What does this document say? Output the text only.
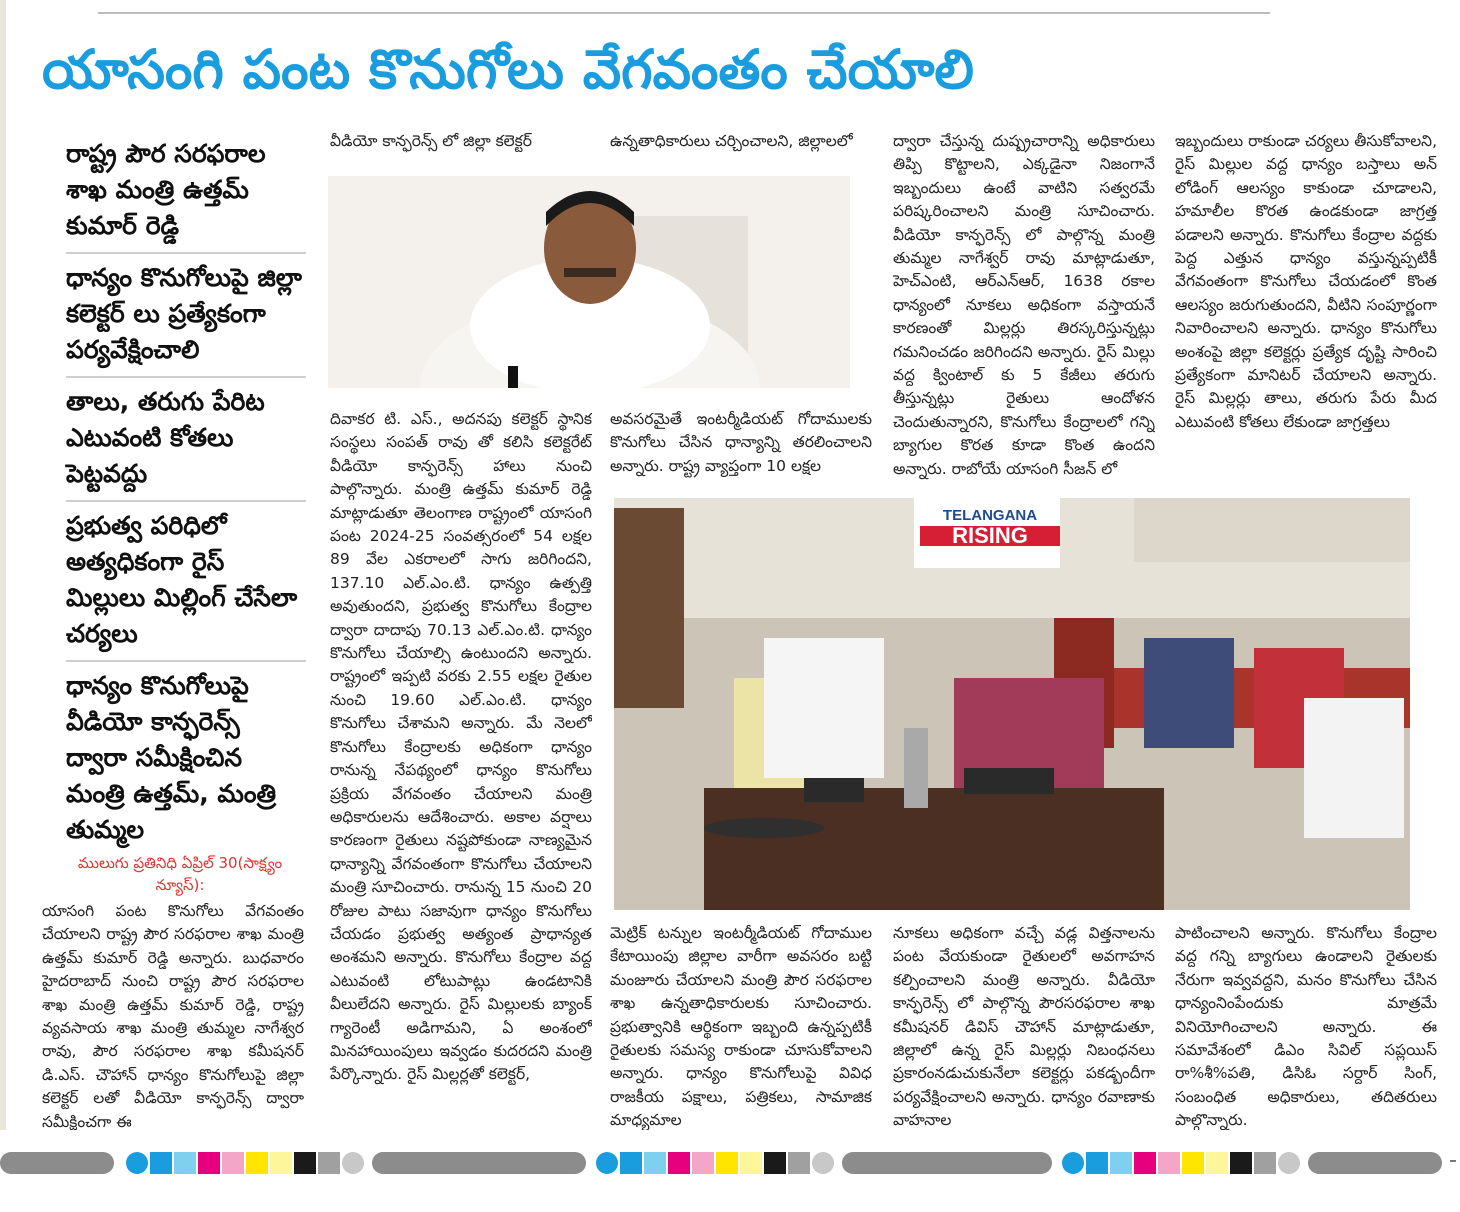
యాసంగి పంట కొనుగోలు వేగవంతం చేయాలి

రాష్ట్ర పౌర సరఫరాల శాఖ మంత్రి ఉత్తమ్ కుమార్ రెడ్డి

ధాన్యం కొనుగోలుపై జిల్లా కలెక్టర్ లు ప్రత్యేకంగా పర్యవేక్షించాలి

తాలు, తరుగు పేరిట ఎటువంటి కోతలు పెట్టవద్దు

ప్రభుత్వ పరిధిలో అత్యధికంగా రైస్ మిల్లులు మిల్లింగ్ చేసేలా చర్యలు

ధాన్యం కొనుగోలుపై వీడియో కాన్ఫరెన్స్ ద్వారా సమీక్షించిన మంత్రి ఉత్తమ్, మంత్రి తుమ్మల

ములుగు ప్రతినిధి ఏప్రిల్ 30(సాక్ష్యం న్యూస్):

యాసంగి పంట కొనుగోలు వేగవంతం చేయాలని రాష్ట్ర పౌర సరఫరాల శాఖ మంత్రి ఉత్తమ్ కుమార్ రెడ్డి అన్నారు. బుధవారం హైదరాబాద్ నుంచి రాష్ట్ర పౌర సరఫరాల శాఖ మంత్రి ఉత్తమ్ కుమార్ రెడ్డి, రాష్ట్ర వ్యవసాయ శాఖ మంత్రి తుమ్మల నాగేశ్వర రావు, పౌర సరఫరాల శాఖ కమీషనర్ డి.ఎస్. చౌహాన్ ధాన్యం కొనుగోలుపై జిల్లా కలెక్టర్ లతో వీడియో కాన్ఫరెన్స్ ద్వారా సమీక్షించగా ఈ

వీడియో కాన్ఫరెన్స్ లో జిల్లా కలెక్టర్

దివాకర టి. ఎస్., అదనపు కలెక్టర్ స్థానిక సంస్థలు సంపత్ రావు తో కలిసి కలెక్టరేట్ వీడియో కాన్ఫరెన్స్ హాలు నుంచి పాల్గొన్నారు. మంత్రి ఉత్తమ్ కుమార్ రెడ్డి మాట్లాడుతూ తెలంగాణ రాష్ట్రంలో యాసంగి పంట 2024-25 సంవత్సరంలో 54 లక్షల 89 వేల ఎకరాలలో సాగు జరిగిందని, 137.10 ఎల్.ఎం.టి. ధాన్యం ఉత్పత్తి అవుతుందని, ప్రభుత్వ కొనుగోలు కేంద్రాల ద్వారా దాదాపు 70.13 ఎల్.ఎం.టి. ధాన్యం కొనుగోలు చేయాల్సి ఉంటుందని అన్నారు. రాష్ట్రంలో ఇప్పటి వరకు 2.55 లక్షల రైతుల నుంచి 19.60 ఎల్.ఎం.టి. ధాన్యం కొనుగోలు చేశామని అన్నారు. మే నెలలో కొనుగోలు కేంద్రాలకు అధికంగా ధాన్యం రానున్న నేపథ్యంలో ధాన్యం కొనుగోలు ప్రక్రియ వేగవంతం చేయాలని మంత్రి అధికారులను ఆదేశించారు. అకాల వర్షాలు కారణంగా రైతులు నష్టపోకుండా నాణ్యమైన ధాన్యాన్ని వేగవంతంగా కొనుగోలు చేయాలని మంత్రి సూచించారు. రానున్న 15 నుంచి 20 రోజుల పాటు సజావుగా ధాన్యం కొనుగోలు చేయడం ప్రభుత్వ అత్యంత ప్రాధాన్యత అంశమని అన్నారు. కొనుగోలు కేంద్రాల వద్ద ఎటువంటి లోటుపాట్లు ఉండటానికి వీలులేదని అన్నారు. రైస్ మిల్లులకు బ్యాంక్ గ్యారెంటీ అడిగామని, ఏ అంశంలో మినహాయింపులు ఇవ్వడం కుదరదని మంత్రి పేర్కొన్నారు. రైస్ మిల్లర్లతో కలెక్టర్,

ఉన్నతాధికారులు చర్చించాలని, జిల్లాలలో

అవసరమైతే ఇంటర్మీడియట్ గోదాములకు కొనుగోలు చేసిన ధాన్యాన్ని తరలించాలని అన్నారు. రాష్ట్ర వ్యాప్తంగా 10 లక్షల

మెట్రిక్ టన్నుల ఇంటర్మీడియట్ గోదాముల కేటాయింపు జిల్లాల వారీగా అవసరం బట్టి మంజూరు చేయాలని మంత్రి పౌర సరఫరాల శాఖ ఉన్నతాధికారులకు సూచించారు. ప్రభుత్వానికి ఆర్థికంగా ఇబ్బంది ఉన్నప్పటికీ రైతులకు సమస్య రాకుండా చూసుకోవాలని అన్నారు. ధాన్యం కొనుగోలుపై వివిధ రాజకీయ పక్షాలు, పత్రికలు, సామాజిక మాధ్యమాల

ద్వారా చేస్తున్న దుష్ప్రచారాన్ని అధికారులు తిప్పి కొట్టాలని, ఎక్కడైనా నిజంగానే ఇబ్బందులు ఉంటే వాటిని సత్వరమే పరిష్కరించాలని మంత్రి సూచించారు. వీడియో కాన్ఫరెన్స్ లో పాల్గొన్న మంత్రి తుమ్మల నాగేశ్వర్ రావు మాట్లాడుతూ, హెచ్ఎంటి, ఆర్ఎన్ఆర్, 1638 రకాల ధాన్యంలో నూకలు అధికంగా వస్తాయనే కారణంతో మిల్లర్లు తిరస్కరిస్తున్నట్లు గమనించడం జరిగిందని అన్నారు. రైస్ మిల్లు వద్ద క్వింటాల్ కు 5 కేజీలు తరుగు తీస్తున్నట్లు రైతులు ఆందోళన చెందుతున్నారని, కొనుగోలు కేంద్రాలలో గన్ని బ్యాగుల కొరత కూడా కొంత ఉందని అన్నారు. రాబోయే యాసంగి సీజన్ లో

నూకలు అధికంగా వచ్చే వడ్ల విత్తనాలను పంట వేయకుండా రైతులలో అవగాహన కల్పించాలని మంత్రి అన్నారు. వీడియో కాన్ఫరెన్స్ లో పాల్గొన్న పౌరసరఫరాల శాఖ కమీషనర్ డివిస్ చౌహాన్ మాట్లాడుతూ, జిల్లాలో ఉన్న రైస్ మిల్లర్లు నిబంధనలు ప్రకారంనడుచుకునేలా కలెక్టర్లు పకడ్బందీగా పర్యవేక్షించాలని అన్నారు. ధాన్యం రవాణాకు వాహనాల

ఇబ్బందులు రాకుండా చర్యలు తీసుకోవాలని, రైస్ మిల్లుల వద్ద ధాన్యం బస్తాలు అన్ లోడింగ్ ఆలస్యం కాకుండా చూడాలని, హమాలీల కొరత ఉండకుండా జాగ్రత్త పడాలని అన్నారు. కొనుగోలు కేంద్రాల వద్దకు పెద్ద ఎత్తున ధాన్యం వస్తున్నప్పటికీ వేగవంతంగా కొనుగోలు చేయడంలో కొంత ఆలస్యం జరుగుతుందని, వీటిని సంపూర్ణంగా నివారించాలని అన్నారు. ధాన్యం కొనుగోలు అంశంపై జిల్లా కలెక్టర్లు ప్రత్యేక దృష్టి సారించి ప్రత్యేకంగా మానిటర్ చేయాలని అన్నారు. రైస్ మిల్లర్లు తాలు, తరుగు పేరు మీద ఎటువంటి కోతలు లేకుండా జాగ్రత్తలు

పాటించాలని అన్నారు. కొనుగోలు కేంద్రాల వద్ద గన్ని బ్యాగులు ఉండాలని రైతులకు నేరుగా ఇవ్వవద్దని, మనం కొనుగోలు చేసిన ధాన్యంనింపేందుకు మాత్రమే వినియోగించాలని అన్నారు. ఈ సమావేశంలో డిఎం సివిల్ సప్లయిస్ రా%శీ%పతి, డిసిఓ సర్దార్ సింగ్, సంబంధిత అధికారులు, తదితరులు పాల్గొన్నారు.

TELANGANA
RISING
